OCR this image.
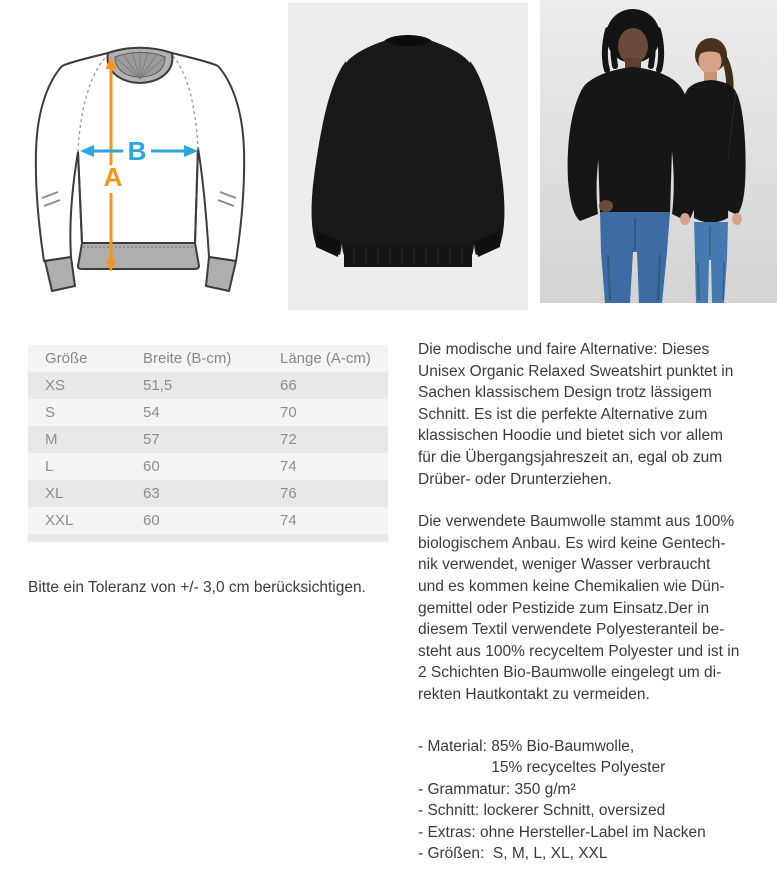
A
B
Größe	Breite (B-cm)	Länge (A-cm)
XS	51,5	66
S	54	70
M	57	72
L	60	74
XL	63	76
XXL	60	74
Bitte ein Toleranz von +/- 3,0 cm berücksichtigen.
Die modische und faire Alternative: Dieses
Unisex Organic Relaxed Sweatshirt punktet in
Sachen klassischem Design trotz lässigem
Schnitt. Es ist die perfekte Alternative zum
klassischen Hoodie und bietet sich vor allem
für die Übergangsjahreszeit an, egal ob zum
Drüber- oder Drunterziehen.
Die verwendete Baumwolle stammt aus 100%
biologischem Anbau. Es wird keine Gentech-
nik verwendet, weniger Wasser verbraucht
und es kommen keine Chemikalien wie Dün-
gemittel oder Pestizide zum Einsatz.Der in
diesem Textil verwendete Polyesteranteil be-
steht aus 100% recyceltem Polyester und ist in
2 Schichten Bio-Baumwolle eingelegt um di-
rekten Hautkontakt zu vermeiden.
- Material: 85% Bio-Baumwolle,
15% recyceltes Polyester
- Grammatur: 350 g/m²
- Schnitt: lockerer Schnitt, oversized
- Extras: ohne Hersteller-Label im Nacken
- Größen:  S, M, L, XL, XXL
